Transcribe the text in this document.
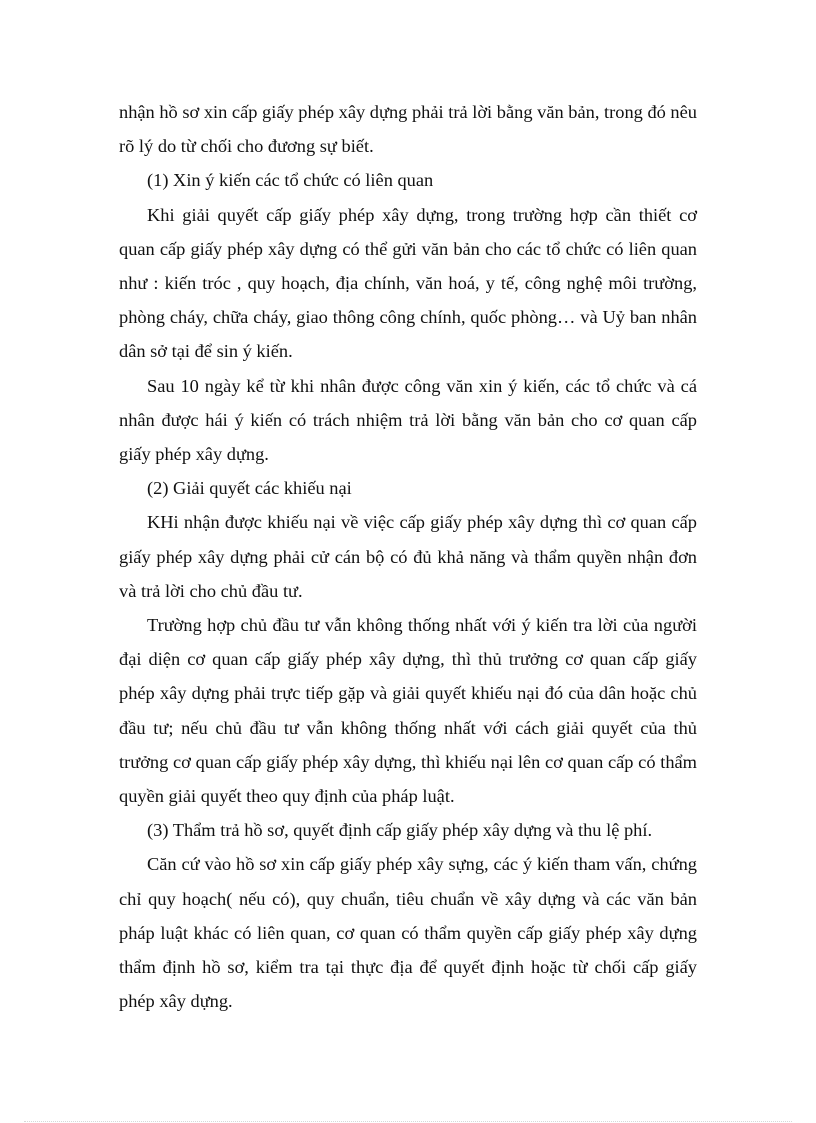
nhận hồ sơ xin cấp giấy phép xây dựng phải trả lời bằng văn bản, trong đó nêu rõ lý do từ chối cho đương sự biết.

(1) Xin ý kiến các tổ chức có liên quan

Khi giải quyết cấp giấy phép xây dựng, trong trường hợp cần thiết cơ quan cấp giấy phép xây dựng có thể gửi văn bản cho các tổ chức có liên quan như : kiến tróc , quy hoạch, địa chính, văn hoá, y tế, công nghệ môi trường, phòng cháy, chữa cháy, giao thông công chính, quốc phòng… và Uỷ ban nhân dân sở tại để sin ý kiến.

Sau 10 ngày kể từ khi nhân được công văn xin ý kiến, các tổ chức và cá nhân được hái ý kiến có trách nhiệm trả lời bằng văn bản cho cơ quan cấp giấy phép xây dựng.

(2) Giải quyết các khiếu nại

KHi nhận được khiếu nại về việc cấp giấy phép xây dựng thì cơ quan cấp giấy phép xây dựng phải cử cán bộ có đủ khả năng và thẩm quyền nhận đơn và trả lời cho chủ đầu tư.

Trường hợp chủ đầu tư vẫn không thống nhất với ý kiến tra lời của người đại diện cơ quan cấp giấy phép xây dựng, thì thủ trưởng cơ quan cấp giấy phép xây dựng phải trực tiếp gặp và giải quyết khiếu nại đó của dân hoặc chủ đầu tư; nếu chủ đầu tư vẫn không thống nhất với cách giải quyết của thủ trưởng cơ quan cấp giấy phép xây dựng, thì khiếu nại lên cơ quan cấp có thẩm quyền giải quyết theo quy định của pháp luật.

(3) Thẩm trả hồ sơ, quyết định cấp giấy phép xây dựng và thu lệ phí.

Căn cứ vào hồ sơ xin cấp giấy phép xây sựng, các ý kiến tham vấn, chứng chỉ quy hoạch( nếu có), quy chuẩn, tiêu chuẩn về xây dựng và các văn bản pháp luật khác có liên quan, cơ quan có thẩm quyền cấp giấy phép xây dựng thẩm định hồ sơ, kiểm tra tại thực địa để quyết định hoặc từ chối cấp giấy phép xây dựng.
